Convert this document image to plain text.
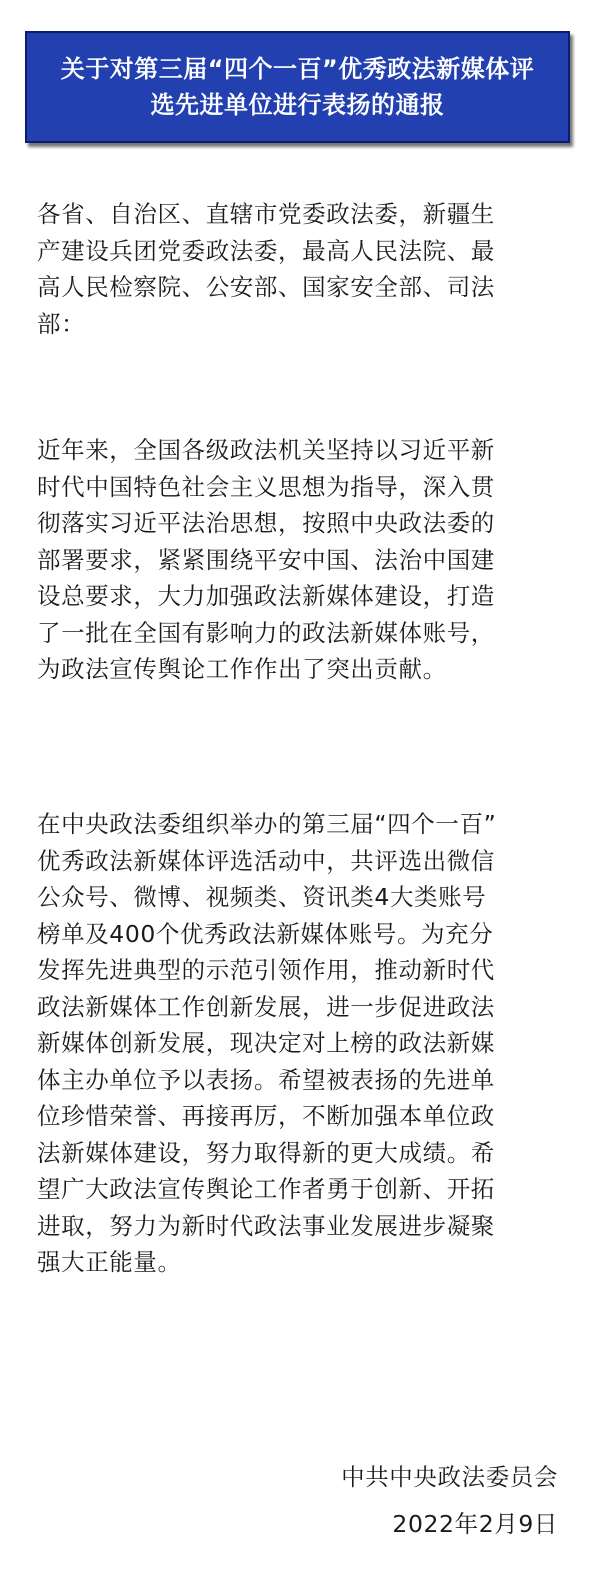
关于对第三届“四个一百”优秀政法新媒体评
选先进单位进行表扬的通报

各省、自治区、直辖市党委政法委，新疆生
产建设兵团党委政法委，最高人民法院、最
高人民检察院、公安部、国家安全部、司法
部：

近年来，全国各级政法机关坚持以习近平新
时代中国特色社会主义思想为指导，深入贯
彻落实习近平法治思想，按照中央政法委的
部署要求，紧紧围绕平安中国、法治中国建
设总要求，大力加强政法新媒体建设，打造
了一批在全国有影响力的政法新媒体账号，
为政法宣传舆论工作作出了突出贡献。

在中央政法委组织举办的第三届“四个一百”
优秀政法新媒体评选活动中，共评选出微信
公众号、微博、视频类、资讯类4大类账号
榜单及400个优秀政法新媒体账号。为充分
发挥先进典型的示范引领作用，推动新时代
政法新媒体工作创新发展，进一步促进政法
新媒体创新发展，现决定对上榜的政法新媒
体主办单位予以表扬。希望被表扬的先进单
位珍惜荣誉、再接再厉，不断加强本单位政
法新媒体建设，努力取得新的更大成绩。希
望广大政法宣传舆论工作者勇于创新、开拓
进取，努力为新时代政法事业发展进步凝聚
强大正能量。

中共中央政法委员会
2022年2月9日
